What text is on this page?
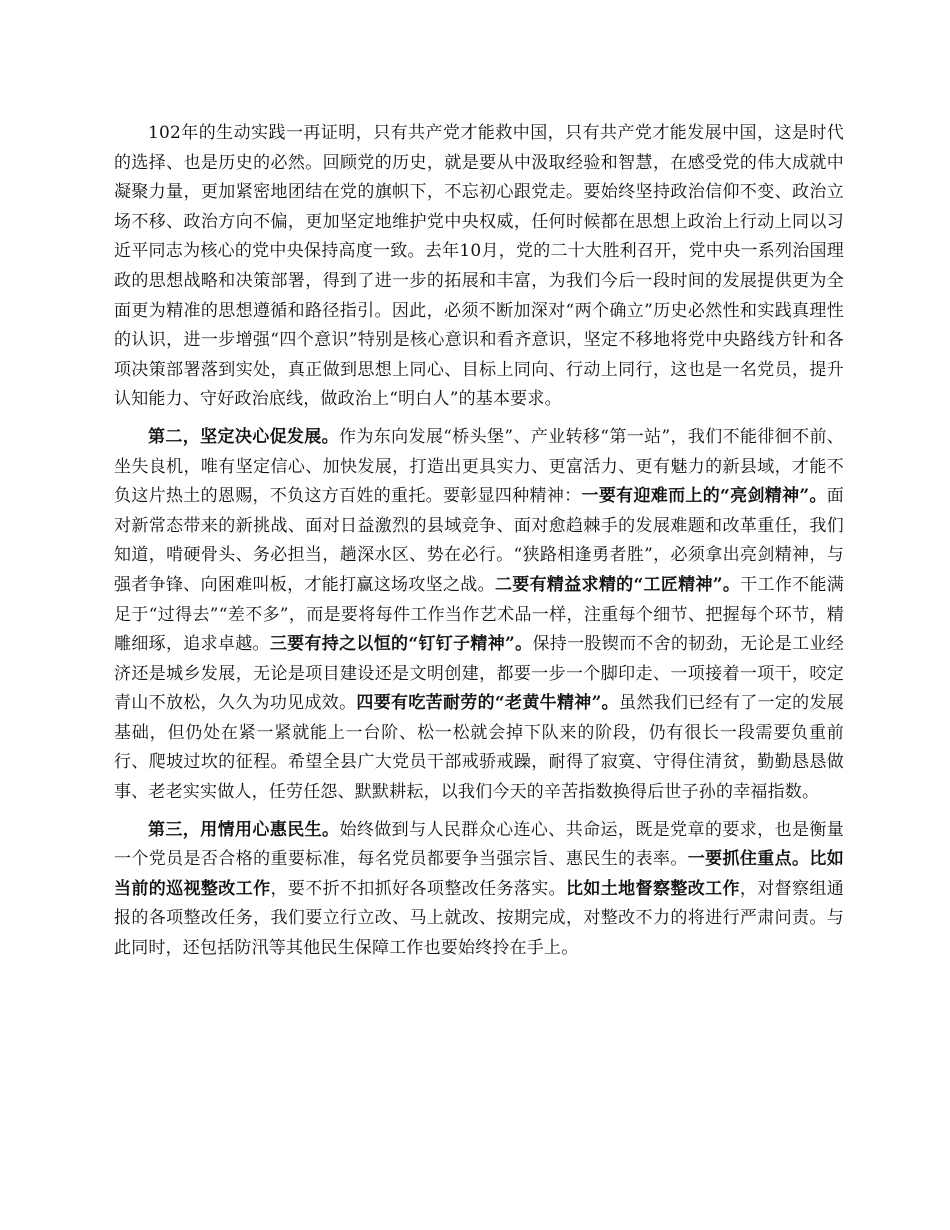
102年的生动实践一再证明，只有共产党才能救中国，只有共产党才能发展中国，这是时代的选择、也是历史的必然。回顾党的历史，就是要从中汲取经验和智慧，在感受党的伟大成就中凝聚力量，更加紧密地团结在党的旗帜下，不忘初心跟党走。要始终坚持政治信仰不变、政治立场不移、政治方向不偏，更加坚定地维护党中央权威，任何时候都在思想上政治上行动上同以习近平同志为核心的党中央保持高度一致。去年10月，党的二十大胜利召开，党中央一系列治国理政的思想战略和决策部署，得到了进一步的拓展和丰富，为我们今后一段时间的发展提供更为全面更为精准的思想遵循和路径指引。因此，必须不断加深对“两个确立”历史必然性和实践真理性的认识，进一步增强“四个意识”特别是核心意识和看齐意识，坚定不移地将党中央路线方针和各项决策部署落到实处，真正做到思想上同心、目标上同向、行动上同行，这也是一名党员，提升认知能力、守好政治底线，做政治上“明白人”的基本要求。

第二，坚定决心促发展。作为东向发展“桥头堡”、产业转移“第一站”，我们不能徘徊不前、坐失良机，唯有坚定信心、加快发展，打造出更具实力、更富活力、更有魅力的新县域，才能不负这片热土的恩赐，不负这方百姓的重托。要彰显四种精神：一要有迎难而上的“亮剑精神”。面对新常态带来的新挑战、面对日益激烈的县域竞争、面对愈趋棘手的发展难题和改革重任，我们知道，啃硬骨头、务必担当，趟深水区、势在必行。“狭路相逢勇者胜”，必须拿出亮剑精神，与强者争锋、向困难叫板，才能打赢这场攻坚之战。二要有精益求精的“工匠精神”。干工作不能满足于“过得去”“差不多”，而是要将每件工作当作艺术品一样，注重每个细节、把握每个环节，精雕细琢，追求卓越。三要有持之以恒的“钉钉子精神”。保持一股锲而不舍的韧劲，无论是工业经济还是城乡发展，无论是项目建设还是文明创建，都要一步一个脚印走、一项接着一项干，咬定青山不放松，久久为功见成效。四要有吃苦耐劳的“老黄牛精神”。虽然我们已经有了一定的发展基础，但仍处在紧一紧就能上一台阶、松一松就会掉下队来的阶段，仍有很长一段需要负重前行、爬坡过坎的征程。希望全县广大党员干部戒骄戒躁，耐得了寂寞、守得住清贫，勤勤恳恳做事、老老实实做人，任劳任怨、默默耕耘，以我们今天的辛苦指数换得后世子孙的幸福指数。

第三，用情用心惠民生。始终做到与人民群众心连心、共命运，既是党章的要求，也是衡量一个党员是否合格的重要标准，每名党员都要争当强宗旨、惠民生的表率。一要抓住重点。比如当前的巡视整改工作，要不折不扣抓好各项整改任务落实。比如土地督察整改工作，对督察组通报的各项整改任务，我们要立行立改、马上就改、按期完成，对整改不力的将进行严肃问责。与此同时，还包括防汛等其他民生保障工作也要始终拎在手上。
